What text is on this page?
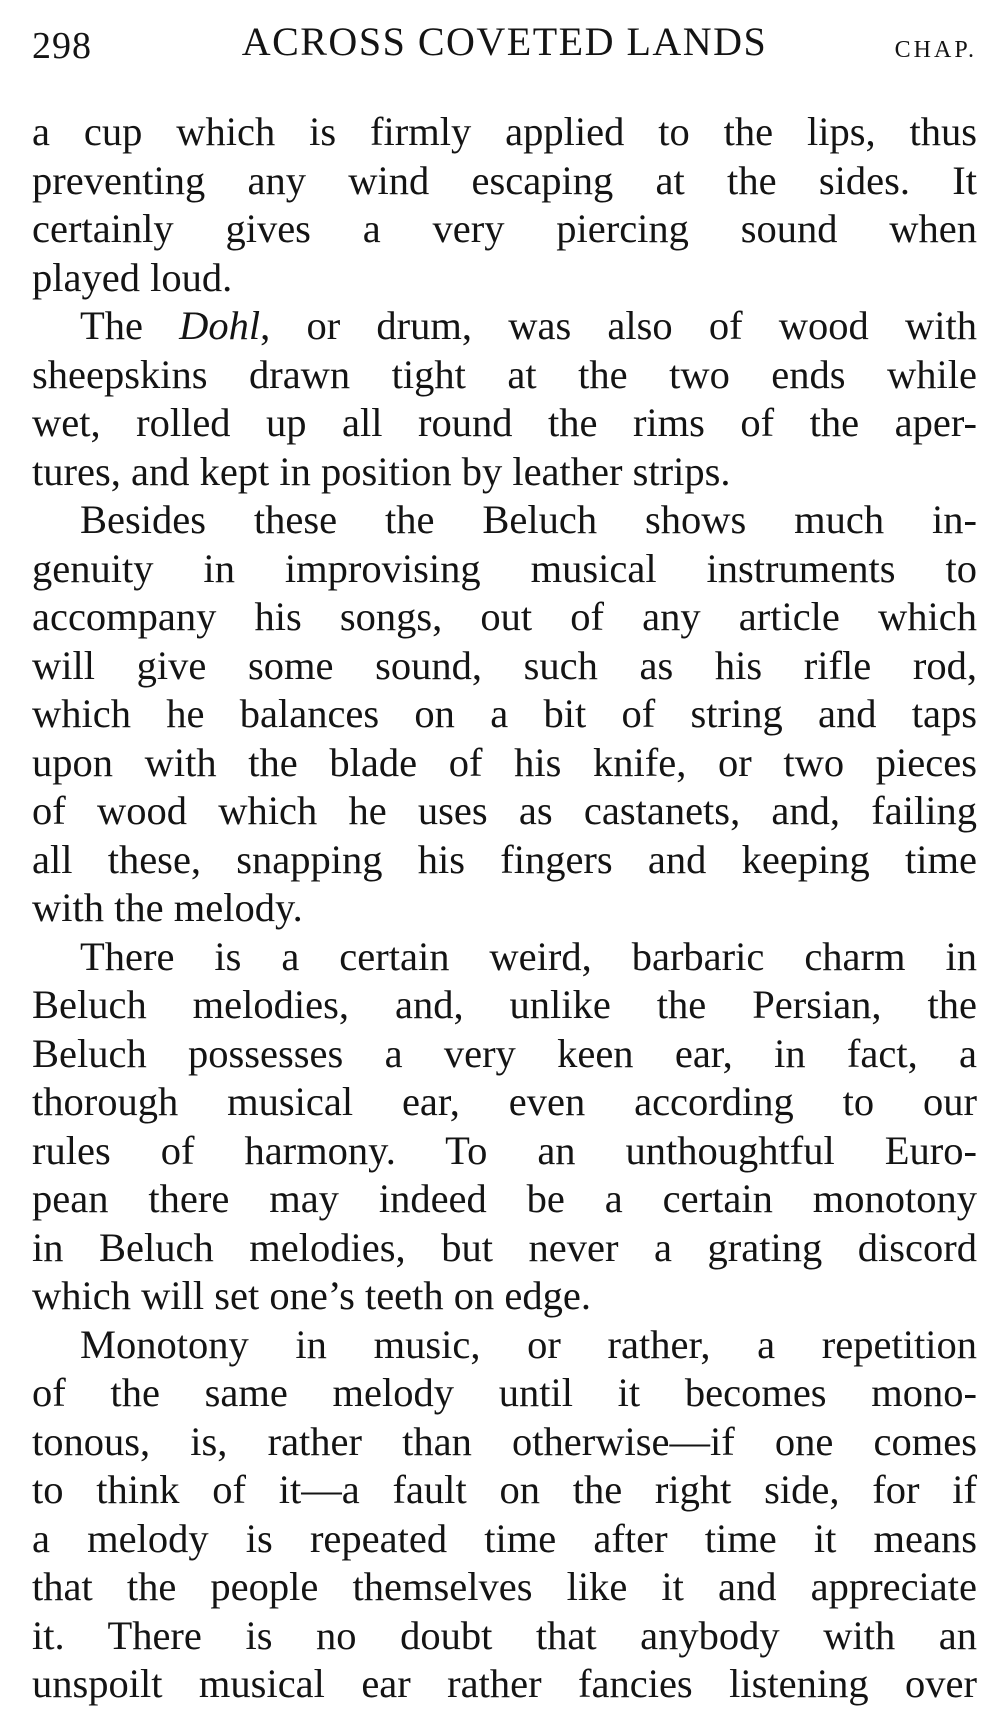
298	ACROSS COVETED LANDS	CHAP.
a cup which is firmly applied to the lips, thus
preventing any wind escaping at the sides. It
certainly gives a very piercing sound when
played loud.
The Dohl, or drum, was also of wood with
sheepskins drawn tight at the two ends while
wet, rolled up all round the rims of the aper-
tures, and kept in position by leather strips.
Besides these the Beluch shows much in-
genuity in improvising musical instruments to
accompany his songs, out of any article which
will give some sound, such as his rifle rod,
which he balances on a bit of string and taps
upon with the blade of his knife, or two pieces
of wood which he uses as castanets, and, failing
all these, snapping his fingers and keeping time
with the melody.
There is a certain weird, barbaric charm in
Beluch melodies, and, unlike the Persian, the
Beluch possesses a very keen ear, in fact, a
thorough musical ear, even according to our
rules of harmony. To an unthoughtful Euro-
pean there may indeed be a certain monotony
in Beluch melodies, but never a grating discord
which will set one’s teeth on edge.
Monotony in music, or rather, a repetition
of the same melody until it becomes mono-
tonous, is, rather than otherwise—if one comes
to think of it—a fault on the right side, for if
a melody is repeated time after time it means
that the people themselves like it and appreciate
it. There is no doubt that anybody with an
unspoilt musical ear rather fancies listening over
